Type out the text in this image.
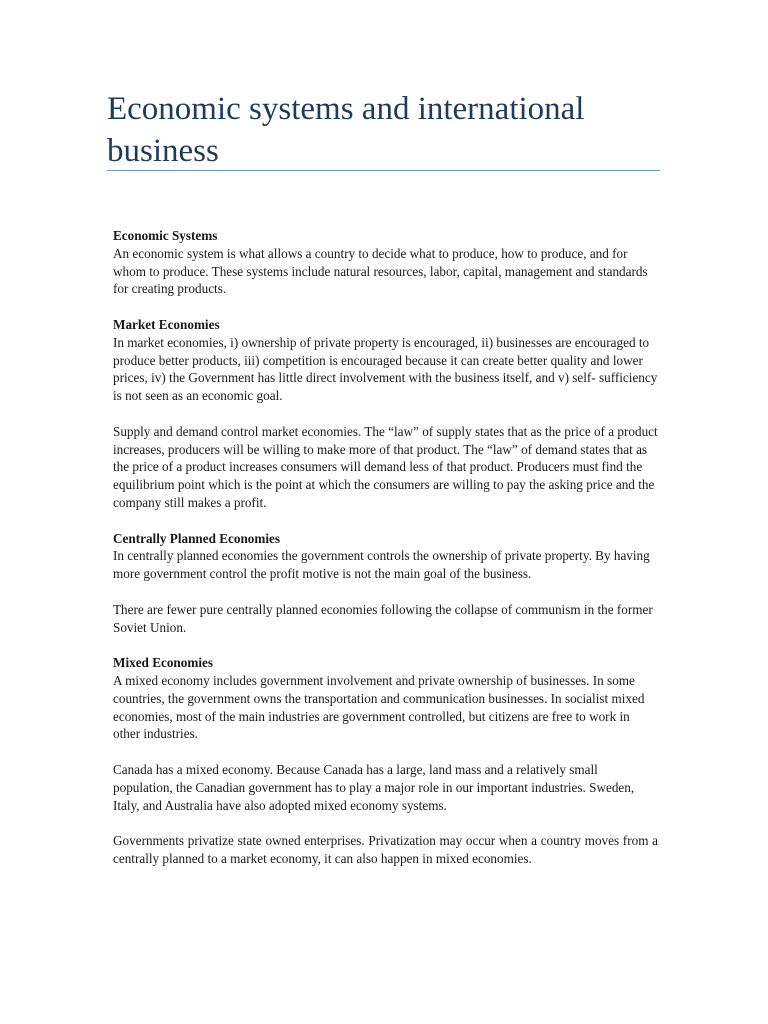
Economic systems and international business
Economic Systems
An economic system is what allows a country to decide what to produce, how to produce, and for whom to produce. These systems include natural resources, labor, capital, management and standards for creating products.
Market Economies
In market economies, i) ownership of private property is encouraged, ii) businesses are encouraged to produce better products, iii) competition is encouraged because it can create better quality and lower prices, iv) the Government has little direct involvement with the business itself, and v) self- sufficiency is not seen as an economic goal.
Supply and demand control market economies. The “law” of supply states that as the price of a product increases, producers will be willing to make more of that product. The “law” of demand states that as the price of a product increases consumers will demand less of that product. Producers must find the equilibrium point which is the point at which the consumers are willing to pay the asking price and the company still makes a profit.
Centrally Planned Economies
In centrally planned economies the government controls the ownership of private property. By having more government control the profit motive is not the main goal of the business.
There are fewer pure centrally planned economies following the collapse of communism in the former Soviet Union.
Mixed Economies
A mixed economy includes government involvement and private ownership of businesses. In some countries, the government owns the transportation and communication businesses. In socialist mixed economies, most of the main industries are government controlled, but citizens are free to work in other industries.
Canada has a mixed economy. Because Canada has a large, land mass and a relatively small population, the Canadian government has to play a major role in our important industries. Sweden, Italy, and Australia have also adopted mixed economy systems.
Governments privatize state owned enterprises. Privatization may occur when a country moves from a centrally planned to a market economy, it can also happen in mixed economies.
